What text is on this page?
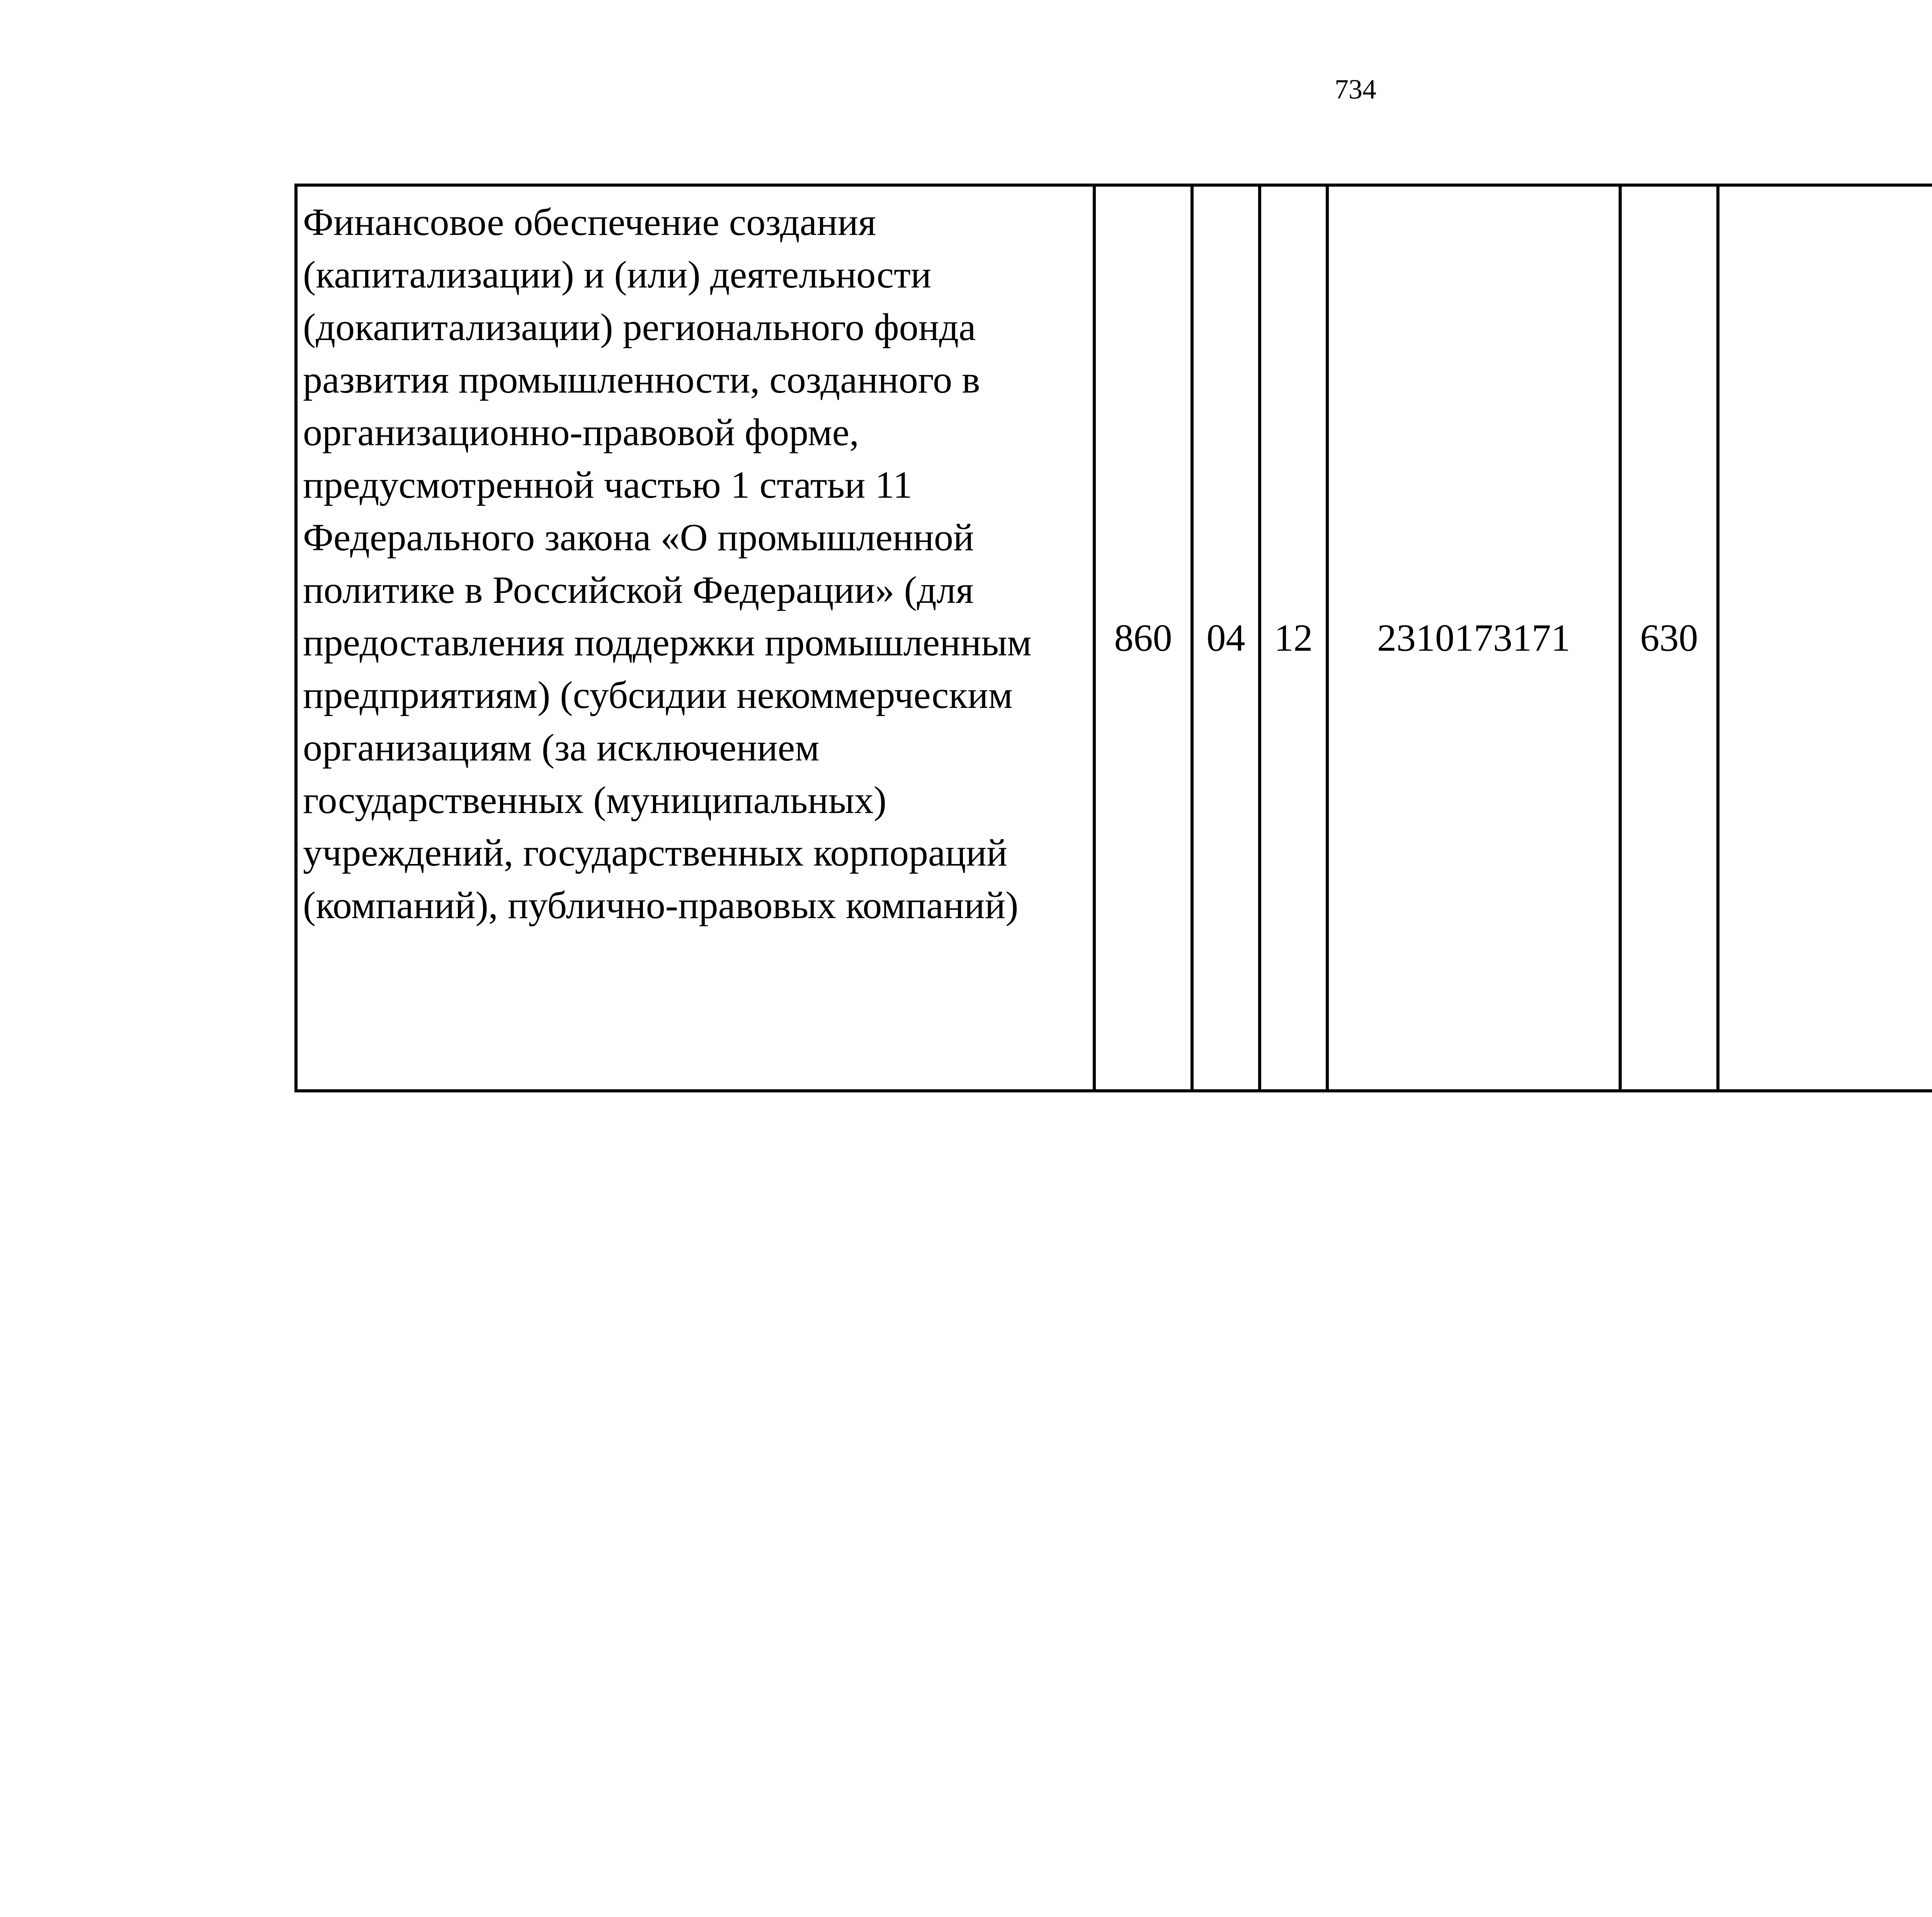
734
Финансовое обеспечение создания (капитализации) и (или) деятельности (докапитализации) регионального фонда развития промышленности, созданного в организационно-правовой форме, предусмотренной частью 1 статьи 11 Федерального закона «О промышленной политике в Российской Федерации» (для предоставления поддержки промышленным предприятиям) (субсидии некоммерческим организациям (за исключением государственных (муниципальных) учреждений, государственных корпораций (компаний), публично-правовых компаний)	860	04	12	2310173171	630			
